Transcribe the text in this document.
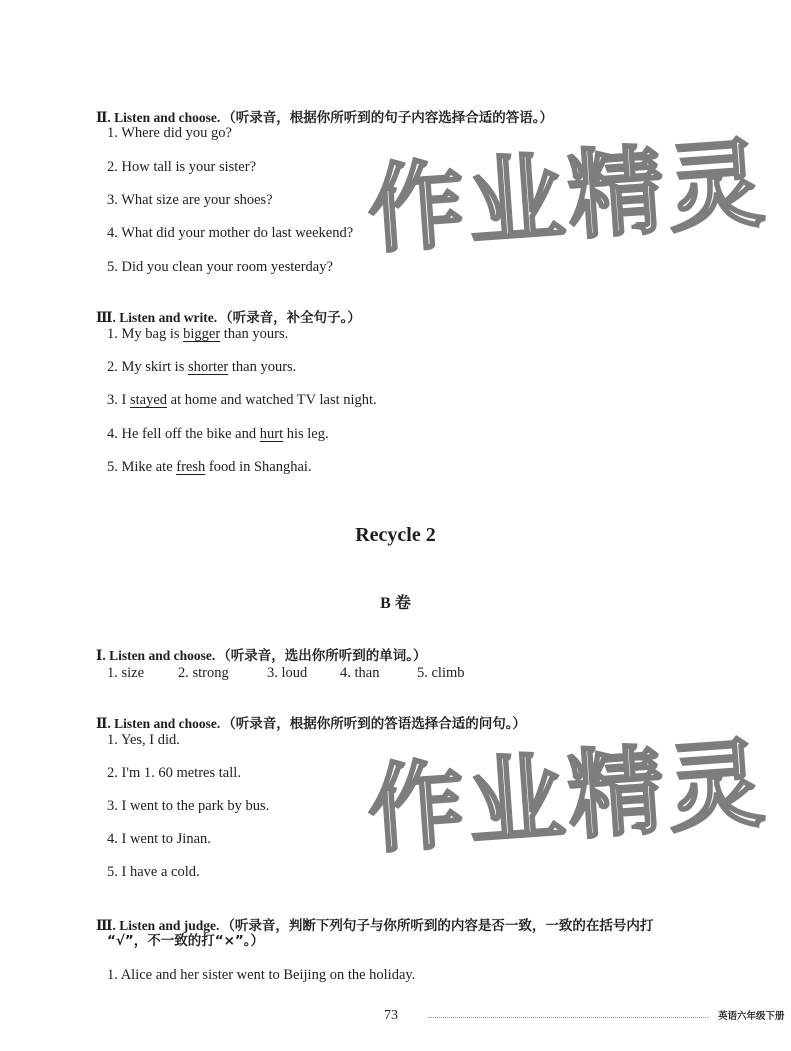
作业精灵
作业精灵

Ⅱ. Listen and choose. （听录音，根据你所听到的句子内容选择合适的答语。）

1. Where did you go?
2. How tall is your sister?
3. What size are your shoes?
4. What did your mother do last weekend?
5. Did you clean your room yesterday?

Ⅲ. Listen and write. （听录音，补全句子。）

1. My bag is bigger than yours.
2. My skirt is shorter than yours.
3. I stayed at home and watched TV last night.
4. He fell off the bike and hurt his leg.
5. Mike ate fresh food in Shanghai.
Recycle 2
B 卷

Ⅰ. Listen and choose. （听录音，选出你所听到的单词。）

1. size 2. strong	3. loud 4. than	5. climb

Ⅱ. Listen and choose. （听录音，根据你所听到的答语选择合适的问句。）

1. Yes, I did.
2. I'm 1. 60 metres tall.
3. I went to the park by bus.
4. I went to Jinan.
5. I have a cold.

Ⅲ. Listen and judge. （听录音，判断下列句子与你所听到的内容是否一致，一致的在括号内打

“√”，不一致的打“×”。）
1. Alice and her sister went to Beijing on the holiday.
73	英语六年级下册
